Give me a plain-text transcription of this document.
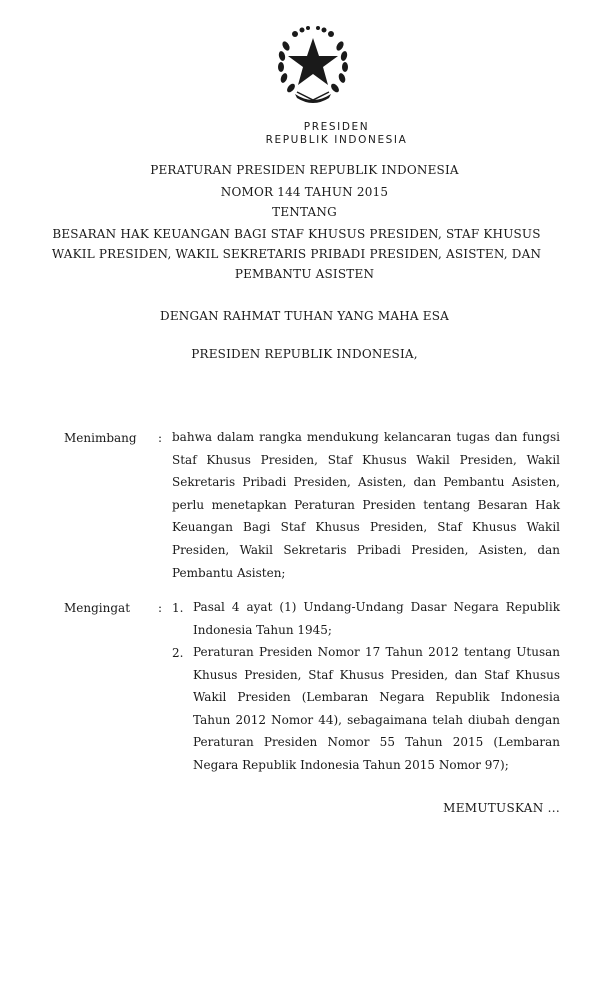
PRESIDEN
REPUBLIK INDONESIA
PERATURAN PRESIDEN REPUBLIK INDONESIA
NOMOR 144 TAHUN 2015
TENTANG
BESARAN HAK KEUANGAN BAGI STAF KHUSUS PRESIDEN, STAF KHUSUS
WAKIL PRESIDEN, WAKIL SEKRETARIS PRIBADI PRESIDEN, ASISTEN, DAN
PEMBANTU ASISTEN
DENGAN RAHMAT TUHAN YANG MAHA ESA
PRESIDEN REPUBLIK INDONESIA,
Menimbang : bahwa dalam rangka mendukung kelancaran tugas dan fungsi Staf Khusus Presiden, Staf Khusus Wakil Presiden, Wakil Sekretaris Pribadi Presiden, Asisten, dan Pembantu Asisten, perlu menetapkan Peraturan Presiden tentang Besaran Hak Keuangan Bagi Staf Khusus Presiden, Staf Khusus Wakil Presiden, Wakil Sekretaris Pribadi Presiden, Asisten, dan Pembantu Asisten;
Mengingat : 1. Pasal 4 ayat (1) Undang-Undang Dasar Negara Republik Indonesia Tahun 1945;
2. Peraturan Presiden Nomor 17 Tahun 2012 tentang Utusan Khusus Presiden, Staf Khusus Presiden, dan Staf Khusus Wakil Presiden (Lembaran Negara Republik Indonesia Tahun 2012 Nomor 44), sebagaimana telah diubah dengan Peraturan Presiden Nomor 55 Tahun 2015 (Lembaran Negara Republik Indonesia Tahun 2015 Nomor 97);
MEMUTUSKAN ...
